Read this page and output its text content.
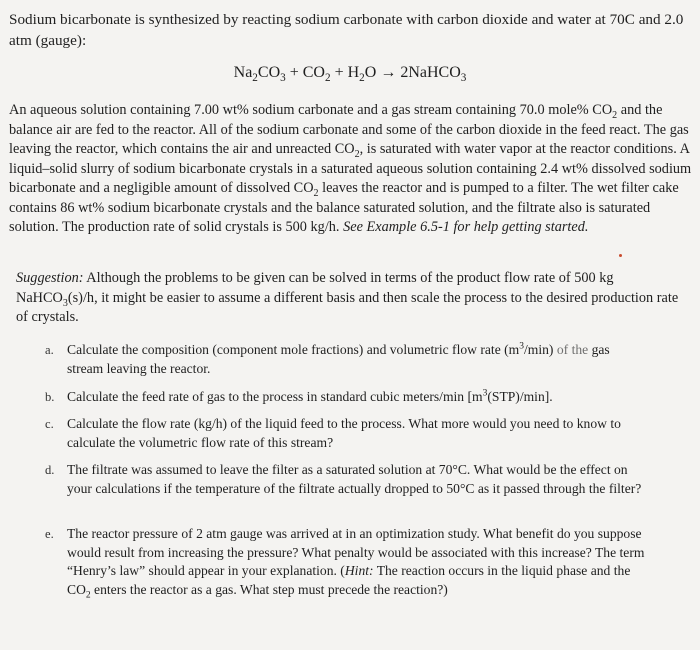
Sodium bicarbonate is synthesized by reacting sodium carbonate with carbon dioxide and water at 70C and 2.0 atm (gauge):

$Na_2CO_3 + CO_2 + H_2O$ → 2NaHCO$_3$

An aqueous solution containing 7.00 wt% sodium carbonate and a gas stream containing 70.0 mole% $CO_2$ and the balance air are fed to the reactor. All of the sodium carbonate and some of the carbon dioxide in the feed react. The gas leaving the reactor, which contains the air and unreacted $CO_2$, is saturated with water vapor at the reactor conditions. A liquid–solid slurry of sodium bicarbonate crystals in a saturated aqueous solution containing 2.4 wt% dissolved sodium bicarbonate and a negligible amount of dissolved $CO_2$ leaves the reactor and is pumped to a filter. The wet filter cake contains 86 wt% sodium bicarbonate crystals and the balance saturated solution, and the filtrate also is saturated solution. The production rate of solid crystals is 500 kg/h. See Example 6.5-1 for help getting started.

Suggestion: Although the problems to be given can be solved in terms of the product flow rate of 500 kg NaHCO$_3$(s)/h, it might be easier to assume a different basis and then scale the process to the desired production rate of crystals.

a. Calculate the composition (component mole fractions) and volumetric flow rate $(m^3/\min)$ of the gas stream leaving the reactor.
b. Calculate the feed rate of gas to the process in standard cubic meters/min $[m^3(STP)/\min]$.
c. Calculate the flow rate (kg/h) of the liquid feed to the process. What more would you need to know to calculate the volumetric flow rate of this stream?
d. The filtrate was assumed to leave the filter as a saturated solution at 70°C. What would be the effect on your calculations if the temperature of the filtrate actually dropped to 50°C as it passed through the filter?
e. The reactor pressure of 2 atm gauge was arrived at in an optimization study. What benefit do you suppose would result from increasing the pressure? What penalty would be associated with this increase? The term “Henry’s law” should appear in your explanation. (Hint: The reaction occurs in the liquid phase and the $CO_2$ enters the reactor as a gas. What step must precede the reaction?)
